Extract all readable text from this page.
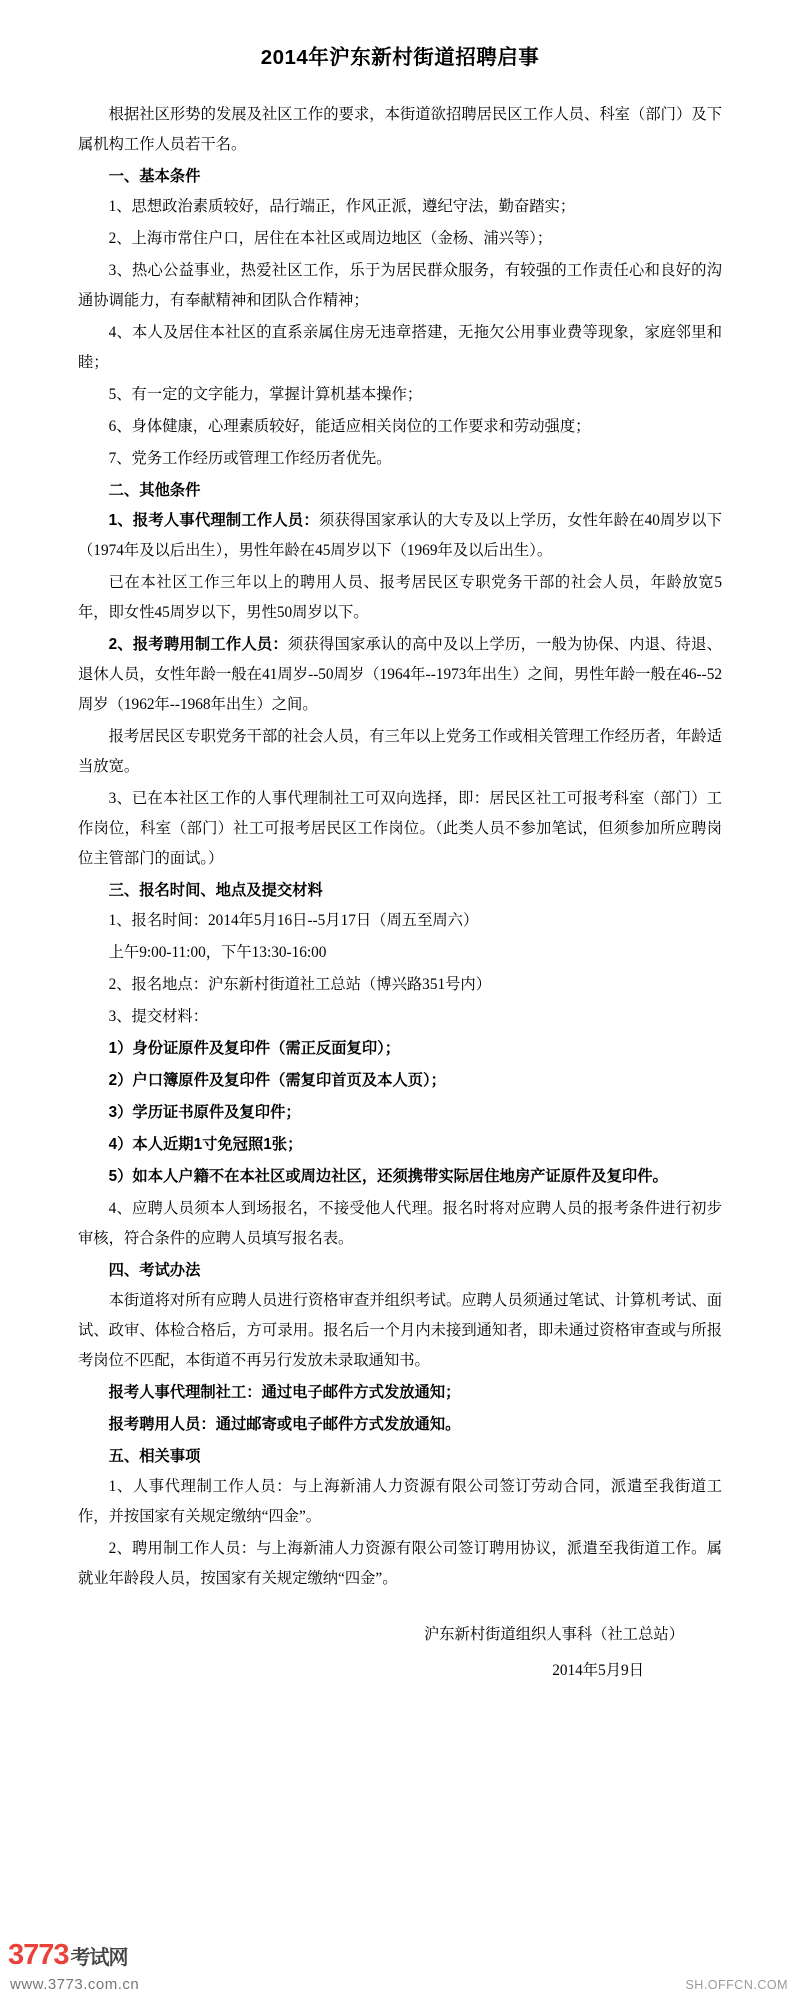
2014年沪东新村街道招聘启事

根据社区形势的发展及社区工作的要求，本街道欲招聘居民区工作人员、科室（部门）及下属机构工作人员若干名。

一、基本条件

1、思想政治素质较好，品行端正，作风正派，遵纪守法，勤奋踏实；

2、上海市常住户口，居住在本社区或周边地区（金杨、浦兴等）；

3、热心公益事业，热爱社区工作，乐于为居民群众服务，有较强的工作责任心和良好的沟通协调能力，有奉献精神和团队合作精神；

4、本人及居住本社区的直系亲属住房无违章搭建，无拖欠公用事业费等现象，家庭邻里和睦；

5、有一定的文字能力，掌握计算机基本操作；

6、身体健康，心理素质较好，能适应相关岗位的工作要求和劳动强度；

7、党务工作经历或管理工作经历者优先。

二、其他条件

1、报考人事代理制工作人员：须获得国家承认的大专及以上学历，女性年龄在40周岁以下（1974年及以后出生），男性年龄在45周岁以下（1969年及以后出生）。

已在本社区工作三年以上的聘用人员、报考居民区专职党务干部的社会人员，年龄放宽5年，即女性45周岁以下，男性50周岁以下。

2、报考聘用制工作人员：须获得国家承认的高中及以上学历，一般为协保、内退、待退、退休人员，女性年龄一般在41周岁--50周岁（1964年--1973年出生）之间，男性年龄一般在46--52周岁（1962年--1968年出生）之间。

报考居民区专职党务干部的社会人员，有三年以上党务工作或相关管理工作经历者，年龄适当放宽。

3、已在本社区工作的人事代理制社工可双向选择，即：居民区社工可报考科室（部门）工作岗位，科室（部门）社工可报考居民区工作岗位。（此类人员不参加笔试，但须参加所应聘岗位主管部门的面试。）

三、报名时间、地点及提交材料

1、报名时间：2014年5月16日--5月17日（周五至周六）

上午9:00-11:00，下午13:30-16:00

2、报名地点：沪东新村街道社工总站（博兴路351号内）

3、提交材料：

1）身份证原件及复印件（需正反面复印）；

2）户口簿原件及复印件（需复印首页及本人页）；

3）学历证书原件及复印件；

4）本人近期1寸免冠照1张；

5）如本人户籍不在本社区或周边社区，还须携带实际居住地房产证原件及复印件。

4、应聘人员须本人到场报名，不接受他人代理。报名时将对应聘人员的报考条件进行初步审核，符合条件的应聘人员填写报名表。

四、考试办法

本街道将对所有应聘人员进行资格审查并组织考试。应聘人员须通过笔试、计算机考试、面试、政审、体检合格后，方可录用。报名后一个月内未接到通知者，即未通过资格审查或与所报考岗位不匹配，本街道不再另行发放未录取通知书。

报考人事代理制社工：通过电子邮件方式发放通知；

报考聘用人员：通过邮寄或电子邮件方式发放通知。

五、相关事项

1、人事代理制工作人员：与上海新浦人力资源有限公司签订劳动合同，派遣至我街道工作，并按国家有关规定缴纳“四金”。

2、聘用制工作人员：与上海新浦人力资源有限公司签订聘用协议，派遣至我街道工作。属就业年龄段人员，按国家有关规定缴纳“四金”。

沪东新村街道组织人事科（社工总站）
2014年5月9日
3773 考试网
www.3773.com.cn	SH.OFFCN.COM
